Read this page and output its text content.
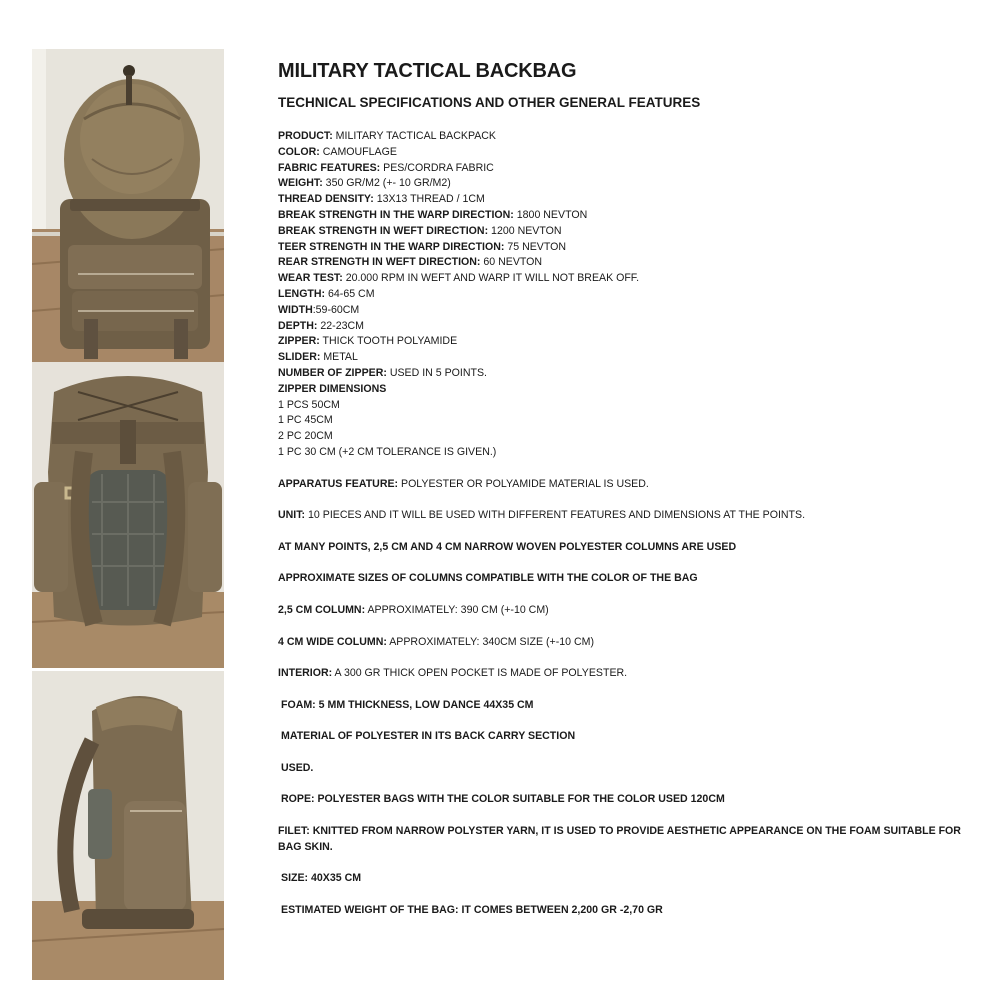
MILITARY TACTICAL BACKBAG
TECHNICAL SPECIFICATIONS AND OTHER GENERAL FEATURES
PRODUCT: MILITARY TACTICAL BACKPACK
COLOR: CAMOUFLAGE
FABRIC FEATURES: PES/CORDRA FABRIC
WEIGHT: 350 GR/M2 (+- 10 GR/M2)
THREAD DENSITY: 13X13 THREAD / 1CM
BREAK STRENGTH IN THE WARP DIRECTION: 1800 NEVTON
BREAK STRENGTH IN WEFT DIRECTION: 1200 NEVTON
TEER STRENGTH IN THE WARP DIRECTION: 75 NEVTON
REAR STRENGTH IN WEFT DIRECTION: 60 NEVTON
WEAR TEST: 20.000 RPM IN WEFT AND WARP IT WILL NOT BREAK OFF.
LENGTH: 64-65 CM
WIDTH:59-60CM
DEPTH: 22-23CM
ZIPPER: THICK TOOTH POLYAMIDE
SLIDER: METAL
NUMBER OF ZIPPER: USED IN 5 POINTS.
ZIPPER DIMENSIONS
1 PCS 50CM
1 PC 45CM
2 PC 20CM
1 PC 30 CM (+2 CM TOLERANCE IS GIVEN.)
APPARATUS FEATURE: POLYESTER OR POLYAMIDE MATERIAL IS USED.
UNIT: 10 PIECES AND IT WILL BE USED WITH DIFFERENT FEATURES AND DIMENSIONS AT THE POINTS.
AT MANY POINTS, 2,5 CM AND 4 CM NARROW WOVEN POLYESTER COLUMNS ARE USED
APPROXIMATE SIZES OF COLUMNS COMPATIBLE WITH THE COLOR OF THE BAG
2,5 CM COLUMN: APPROXIMATELY: 390 CM (+-10 CM)
4 CM WIDE COLUMN: APPROXIMATELY: 340CM SIZE (+-10 CM)
INTERIOR: A 300 GR THICK OPEN POCKET IS MADE OF POLYESTER.
FOAM: 5 MM THICKNESS, LOW DANCE 44X35 CM
MATERIAL OF POLYESTER IN ITS BACK CARRY SECTION
USED.
ROPE: POLYESTER BAGS WITH THE COLOR SUITABLE FOR THE COLOR USED 120CM
FILET: KNITTED FROM NARROW POLYSTER YARN, IT IS USED TO PROVIDE AESTHETIC APPEARANCE ON THE FOAM SUITABLE FOR BAG SKIN.
SIZE: 40X35 CM
ESTIMATED WEIGHT OF THE BAG: IT COMES BETWEEN 2,200 GR -2,70 GR
